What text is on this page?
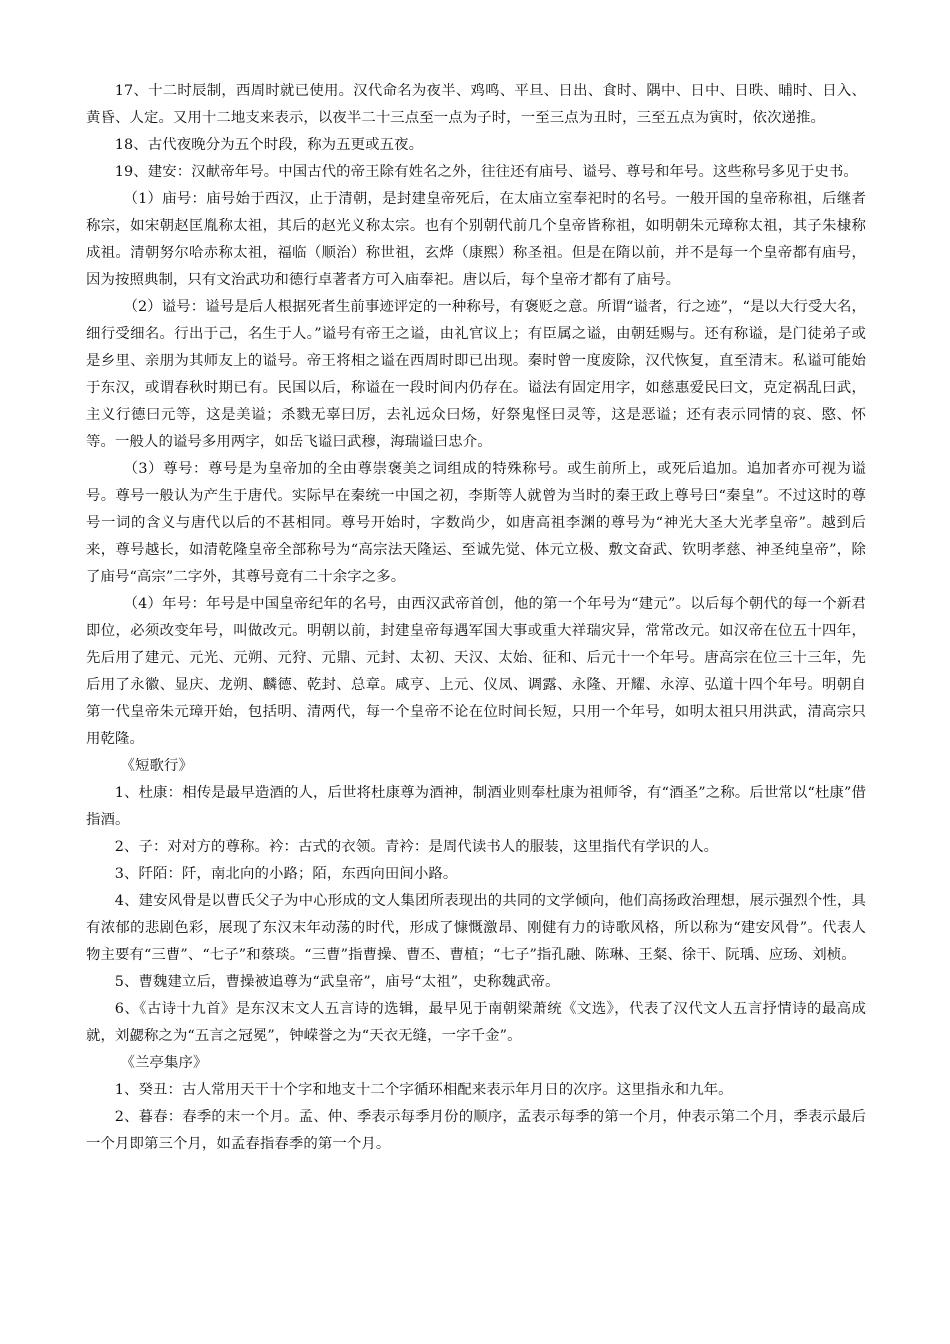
17、十二时辰制，西周时就已使用。汉代命名为夜半、鸡鸣、平旦、日出、食时、隅中、日中、日昳、晡时、日入、黄昏、人定。又用十二地支来表示，以夜半二十三点至一点为子时，一至三点为丑时，三至五点为寅时，依次递推。

18、古代夜晚分为五个时段，称为五更或五夜。

19、建安：汉献帝年号。中国古代的帝王除有姓名之外，往往还有庙号、谥号、尊号和年号。这些称号多见于史书。

（1）庙号：庙号始于西汉，止于清朝，是封建皇帝死后，在太庙立室奉祀时的名号。一般开国的皇帝称祖，后继者称宗，如宋朝赵匡胤称太祖，其后的赵光义称太宗。也有个别朝代前几个皇帝皆称祖，如明朝朱元璋称太祖，其子朱棣称成祖。清朝努尔哈赤称太祖，福临（顺治）称世祖，玄烨（康熙）称圣祖。但是在隋以前，并不是每一个皇帝都有庙号，因为按照典制，只有文治武功和德行卓著者方可入庙奉祀。唐以后，每个皇帝才都有了庙号。

（2）谥号：谥号是后人根据死者生前事迹评定的一种称号，有褒贬之意。所谓“谥者，行之迹”，“是以大行受大名，细行受细名。行出于己，名生于人。”谥号有帝王之谥，由礼官议上；有臣属之谥，由朝廷赐与。还有称谥，是门徒弟子或是乡里、亲朋为其师友上的谥号。帝王将相之谥在西周时即已出现。秦时曾一度废除，汉代恢复，直至清末。私谥可能始于东汉，或谓春秋时期已有。民国以后，称谥在一段时间内仍存在。谥法有固定用字，如慈惠爱民曰文，克定祸乱曰武，主义行德曰元等，这是美谥；杀戮无辜曰厉，去礼远众曰炀，好祭鬼怪曰灵等，这是恶谥；还有表示同情的哀、愍、怀等。一般人的谥号多用两字，如岳飞谥曰武穆，海瑞谥曰忠介。

（3）尊号：尊号是为皇帝加的全由尊崇褒美之词组成的特殊称号。或生前所上，或死后追加。追加者亦可视为谥号。尊号一般认为产生于唐代。实际早在秦统一中国之初，李斯等人就曾为当时的秦王政上尊号曰“秦皇”。不过这时的尊号一词的含义与唐代以后的不甚相同。尊号开始时，字数尚少，如唐高祖李渊的尊号为“神光大圣大光孝皇帝”。越到后来，尊号越长，如清乾隆皇帝全部称号为“高宗法天隆运、至诚先觉、体元立极、敷文奋武、钦明孝慈、神圣纯皇帝”，除了庙号“高宗”二字外，其尊号竟有二十余字之多。

（4）年号：年号是中国皇帝纪年的名号，由西汉武帝首创，他的第一个年号为“建元”。以后每个朝代的每一个新君即位，必须改变年号，叫做改元。明朝以前，封建皇帝每遇军国大事或重大祥瑞灾异，常常改元。如汉帝在位五十四年，先后用了建元、元光、元朔、元狩、元鼎、元封、太初、天汉、太始、征和、后元十一个年号。唐高宗在位三十三年，先后用了永徽、显庆、龙朔、麟德、乾封、总章。咸亨、上元、仪凤、调露、永隆、开耀、永淳、弘道十四个年号。明朝自第一代皇帝朱元璋开始，包括明、清两代，每一个皇帝不论在位时间长短，只用一个年号，如明太祖只用洪武，清高宗只用乾隆。

《短歌行》

1、杜康：相传是最早造酒的人，后世将杜康尊为酒神，制酒业则奉杜康为祖师爷，有“酒圣”之称。后世常以“杜康”借指酒。

2、子：对对方的尊称。衿：古式的衣领。青衿：是周代读书人的服装，这里指代有学识的人。

3、阡陌：阡，南北向的小路；陌，东西向田间小路。

4、建安风骨是以曹氏父子为中心形成的文人集团所表现出的共同的文学倾向，他们高扬政治理想，展示强烈个性，具有浓郁的悲剧色彩，展现了东汉末年动荡的时代，形成了慷慨激昂、刚健有力的诗歌风格，所以称为“建安风骨”。代表人物主要有“三曹”、“七子”和蔡琰。“三曹”指曹操、曹丕、曹植；“七子”指孔融、陈琳、王粲、徐干、阮瑀、应玚、刘桢。

5、曹魏建立后，曹操被追尊为“武皇帝”，庙号“太祖”，史称魏武帝。

6、《古诗十九首》是东汉末文人五言诗的选辑，最早见于南朝梁萧统《文选》，代表了汉代文人五言抒情诗的最高成就，刘勰称之为“五言之冠冕”，钟嵘誉之为“天衣无缝，一字千金”。

《兰亭集序》

1、癸丑：古人常用天干十个字和地支十二个字循环相配来表示年月日的次序。这里指永和九年。

2、暮春：春季的末一个月。孟、仲、季表示每季月份的顺序，孟表示每季的第一个月，仲表示第二个月，季表示最后一个月即第三个月，如孟春指春季的第一个月。
